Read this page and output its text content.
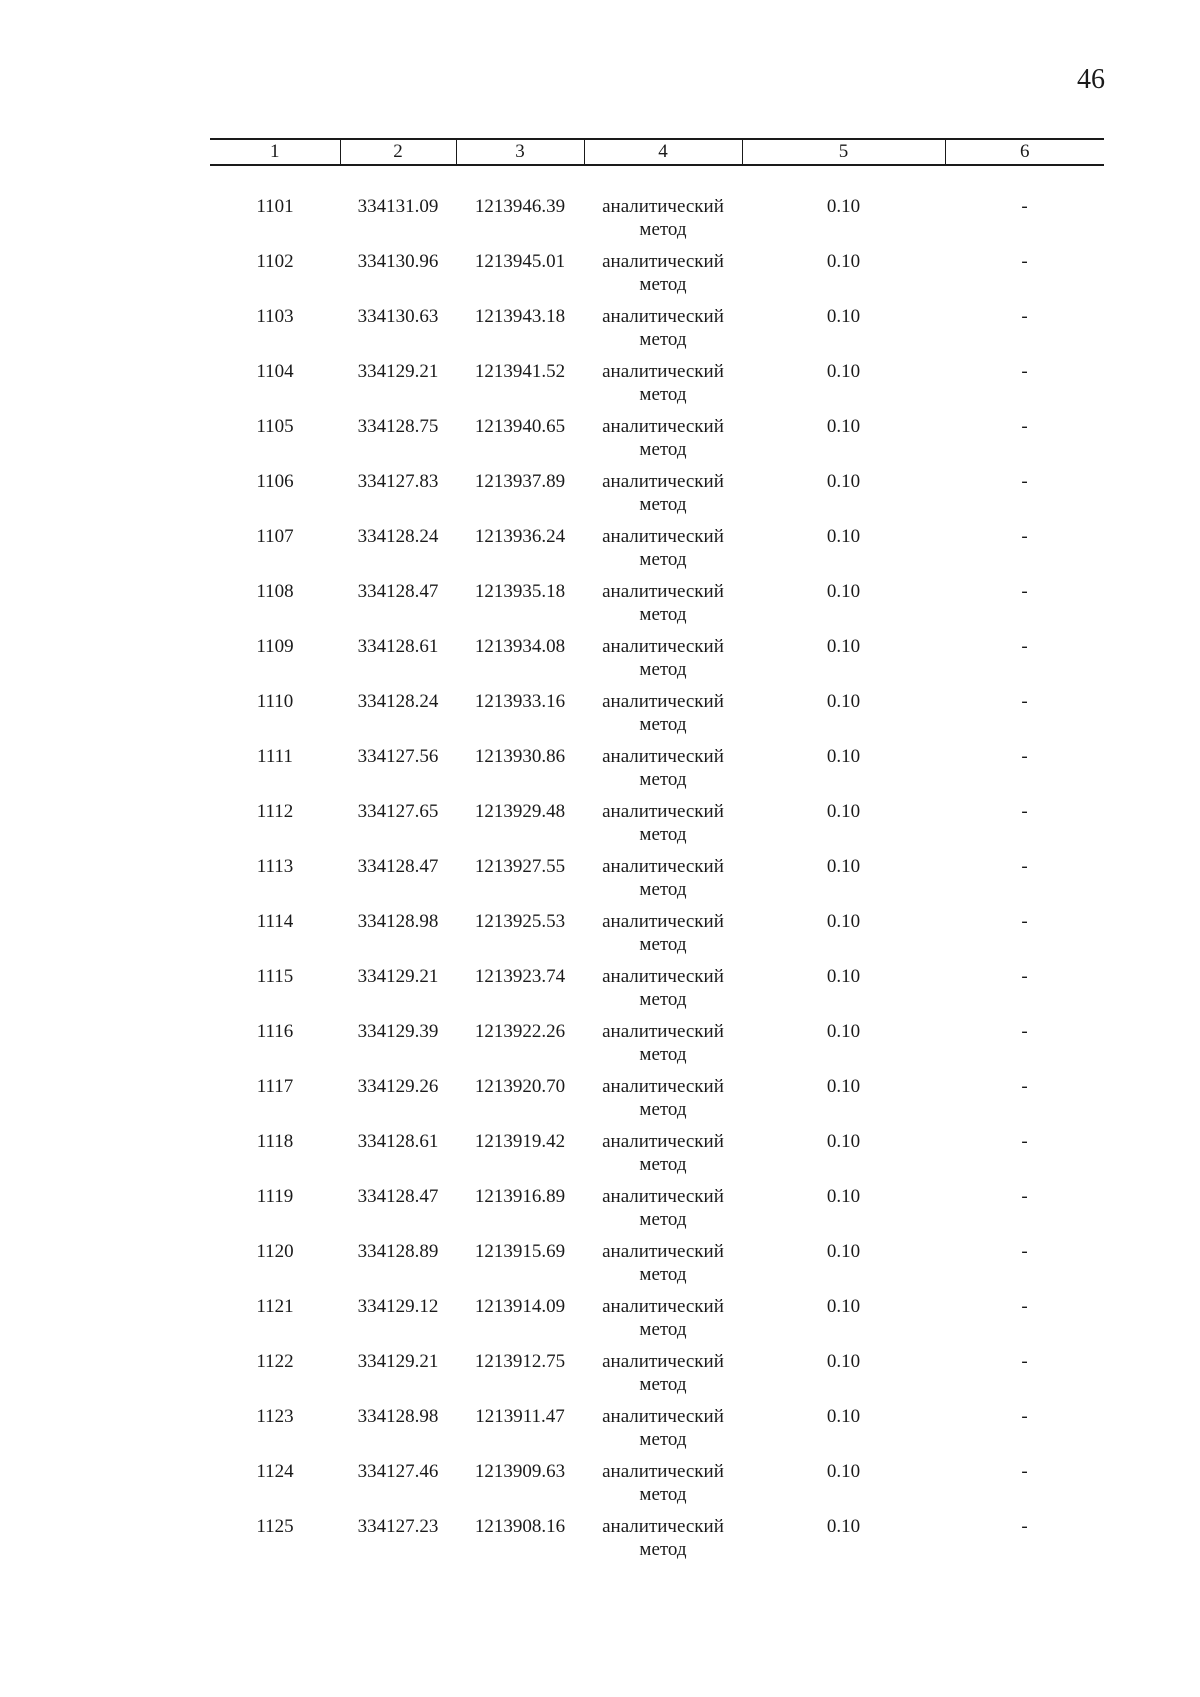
46
1	2	3	4	5	6

1101	334131.09	1213946.39	аналитический
метод	0.10	-
1102	334130.96	1213945.01	аналитический
метод	0.10	-
1103	334130.63	1213943.18	аналитический
метод	0.10	-
1104	334129.21	1213941.52	аналитический
метод	0.10	-
1105	334128.75	1213940.65	аналитический
метод	0.10	-
1106	334127.83	1213937.89	аналитический
метод	0.10	-
1107	334128.24	1213936.24	аналитический
метод	0.10	-
1108	334128.47	1213935.18	аналитический
метод	0.10	-
1109	334128.61	1213934.08	аналитический
метод	0.10	-
1110	334128.24	1213933.16	аналитический
метод	0.10	-
1111	334127.56	1213930.86	аналитический
метод	0.10	-
1112	334127.65	1213929.48	аналитический
метод	0.10	-
1113	334128.47	1213927.55	аналитический
метод	0.10	-
1114	334128.98	1213925.53	аналитический
метод	0.10	-
1115	334129.21	1213923.74	аналитический
метод	0.10	-
1116	334129.39	1213922.26	аналитический
метод	0.10	-
1117	334129.26	1213920.70	аналитический
метод	0.10	-
1118	334128.61	1213919.42	аналитический
метод	0.10	-
1119	334128.47	1213916.89	аналитический
метод	0.10	-
1120	334128.89	1213915.69	аналитический
метод	0.10	-
1121	334129.12	1213914.09	аналитический
метод	0.10	-
1122	334129.21	1213912.75	аналитический
метод	0.10	-
1123	334128.98	1213911.47	аналитический
метод	0.10	-
1124	334127.46	1213909.63	аналитический
метод	0.10	-
1125	334127.23	1213908.16	аналитический
метод	0.10	-
